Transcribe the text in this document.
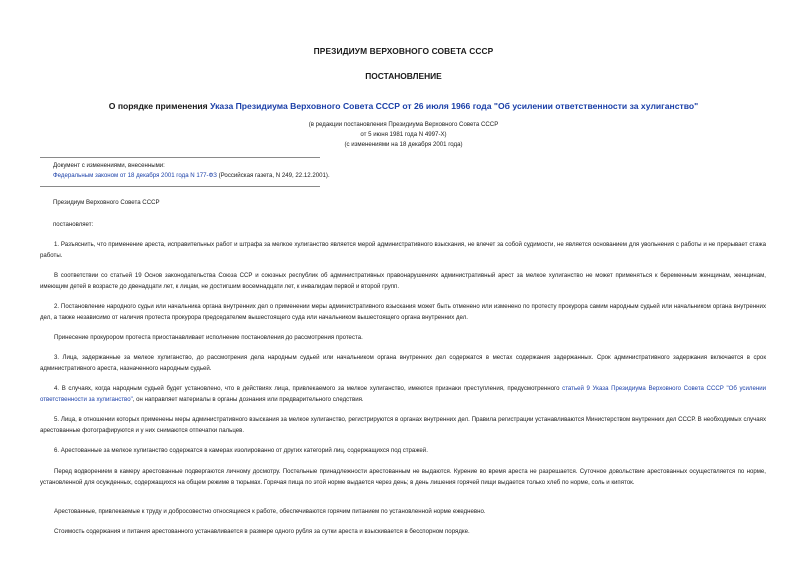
ПРЕЗИДИУМ ВЕРХОВНОГО СОВЕТА СССР
ПОСТАНОВЛЕНИЕ
О порядке применения Указа Президиума Верховного Совета СССР от 26 июля 1966 года "Об усилении ответственности за хулиганство"
(в редакции постановления Президиума Верховного Совета СССР
от 5 июня 1981 года N 4997-Х)
(с изменениями на 18 декабря 2001 года)
Документ с изменениями, внесенными:
Федеральным законом от 18 декабря 2001 года N 177-ФЗ (Российская газета, N 249, 22.12.2001).
Президиум Верховного Совета СССР
постановляет:
1. Разъяснить, что применение ареста, исправительных работ и штрафа за мелкое хулиганство является мерой административного взыскания, не влечет за собой судимости, не является основанием для увольнения с работы и не прерывает стажа работы.
В соответствии со статьей 19 Основ законодательства Союза ССР и союзных республик об административных правонарушениях административный арест за мелкое хулиганство не может применяться к беременным женщинам, женщинам, имеющим детей в возрасте до двенадцати лет, к лицам, не достигшим восемнадцати лет, к инвалидам первой и второй групп.
2. Постановление народного судьи или начальника органа внутренних дел о применении меры административного взыскания может быть отменено или изменено по протесту прокурора самим народным судьей или начальником органа внутренних дел, а также независимо от наличия протеста прокурора председателем вышестоящего суда или начальником вышестоящего органа внутренних дел.
Принесение прокурором протеста приостанавливает исполнение постановления до рассмотрения протеста.
3. Лица, задержанные за мелкое хулиганство, до рассмотрения дела народным судьей или начальником органа внутренних дел содержатся в местах содержания задержанных. Срок административного задержания включается в срок административного ареста, назначенного народным судьей.
4. В случаях, когда народным судьей будет установлено, что в действиях лица, привлекаемого за мелкое хулиганство, имеются признаки преступления, предусмотренного статьей 9 Указа Президиума Верховного Совета СССР "Об усилении ответственности за хулиганство", он направляет материалы в органы дознания или предварительного следствия.
5. Лица, в отношении которых применены меры административного взыскания за мелкое хулиганство, регистрируются в органах внутренних дел. Правила регистрации устанавливаются Министерством внутренних дел СССР. В необходимых случаях арестованные фотографируются и у них снимаются отпечатки пальцев.
6. Арестованные за мелкое хулиганство содержатся в камерах изолированно от других категорий лиц, содержащихся под стражей.
Перед водворением в камеру арестованные подвергаются личному досмотру. Постельные принадлежности арестованным не выдаются. Курение во время ареста не разрешается. Суточное довольствие арестованных осуществляется по норме, установленной для осужденных, содержащихся на общем режиме в тюрьмах. Горячая пища по этой норме выдается через день; в день лишения горячей пищи выдается только хлеб по норме, соль и кипяток.
Арестованные, привлекаемые к труду и добросовестно относящиеся к работе, обеспечиваются горячим питанием по установленной норме ежедневно.
Стоимость содержания и питания арестованного устанавливается в размере одного рубля за сутки ареста и взыскивается в бесспорном порядке.
